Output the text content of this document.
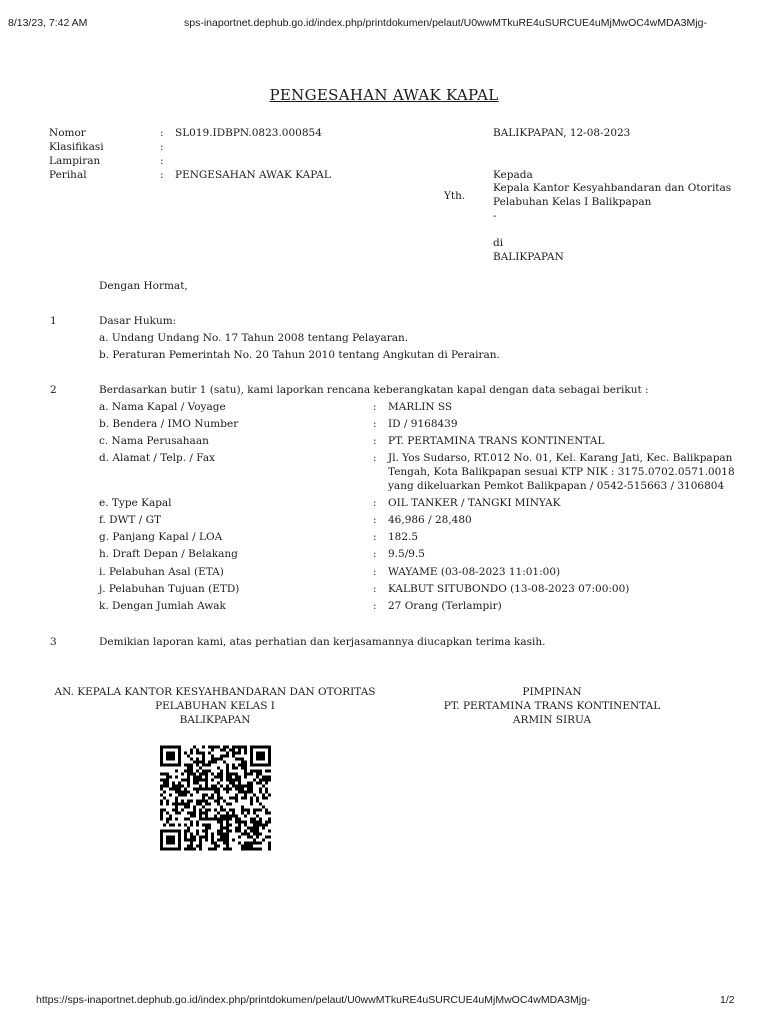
8/13/23, 7:42 AM	sps-inaportnet.dephub.go.id/index.php/printdokumen/pelaut/U0wwMTkuRE4uSURCUE4uMjMwOC4wMDA3Mjg-
https://sps-inaportnet.dephub.go.id/index.php/printdokumen/pelaut/U0wwMTkuRE4uSURCUE4uMjMwOC4wMDA3Mjg-	1/2
PENGESAHAN AWAK KAPAL
Nomor	: SL019.IDBPN.0823.000854
Klasifikasi	:
Lampiran	:
Perihal	: PENGESAHAN AWAK KAPAL
BALIKPAPAN, 12-08-2023
Kepada
Yth.
Kepala Kantor Kesyahbandaran dan Otoritas
Pelabuhan Kelas I Balikpapan
-
di
BALIKPAPAN
Dengan Hormat,
1	Dasar Hukum:
a. Undang Undang No. 17 Tahun 2008 tentang Pelayaran.
b. Peraturan Pemerintah No. 20 Tahun 2010 tentang Angkutan di Perairan.
2	Berdasarkan butir 1 (satu), kami laporkan rencana keberangkatan kapal dengan data sebagai berikut :
a. Nama Kapal / Voyage	: MARLIN SS
b. Bendera / IMO Number	: ID / 9168439
c. Nama Perusahaan	: PT. PERTAMINA TRANS KONTINENTAL
d. Alamat / Telp. / Fax	: Jl. Yos Sudarso, RT.012 No. 01, Kel. Karang Jati, Kec. Balikpapan
Tengah, Kota Balikpapan sesuai KTP NIK : 3175.0702.0571.0018
yang dikeluarkan Pemkot Balikpapan / 0542-515663 / 3106804
e. Type Kapal	: OIL TANKER / TANGKI MINYAK
f. DWT / GT	: 46,986 / 28,480
g. Panjang Kapal / LOA	: 182.5
h. Draft Depan / Belakang	: 9.5/9.5
i. Pelabuhan Asal (ETA)	: WAYAME (03-08-2023 11:01:00)
j. Pelabuhan Tujuan (ETD)	: KALBUT SITUBONDO (13-08-2023 07:00:00)
k. Dengan Jumlah Awak	: 27 Orang (Terlampir)
3	Demikian laporan kami, atas perhatian dan kerjasamannya diucapkan terima kasih.
AN. KEPALA KANTOR KESYAHBANDARAN DAN OTORITAS
PELABUHAN KELAS I
BALIKPAPAN
PIMPINAN
PT. PERTAMINA TRANS KONTINENTAL
ARMIN SIRUA
